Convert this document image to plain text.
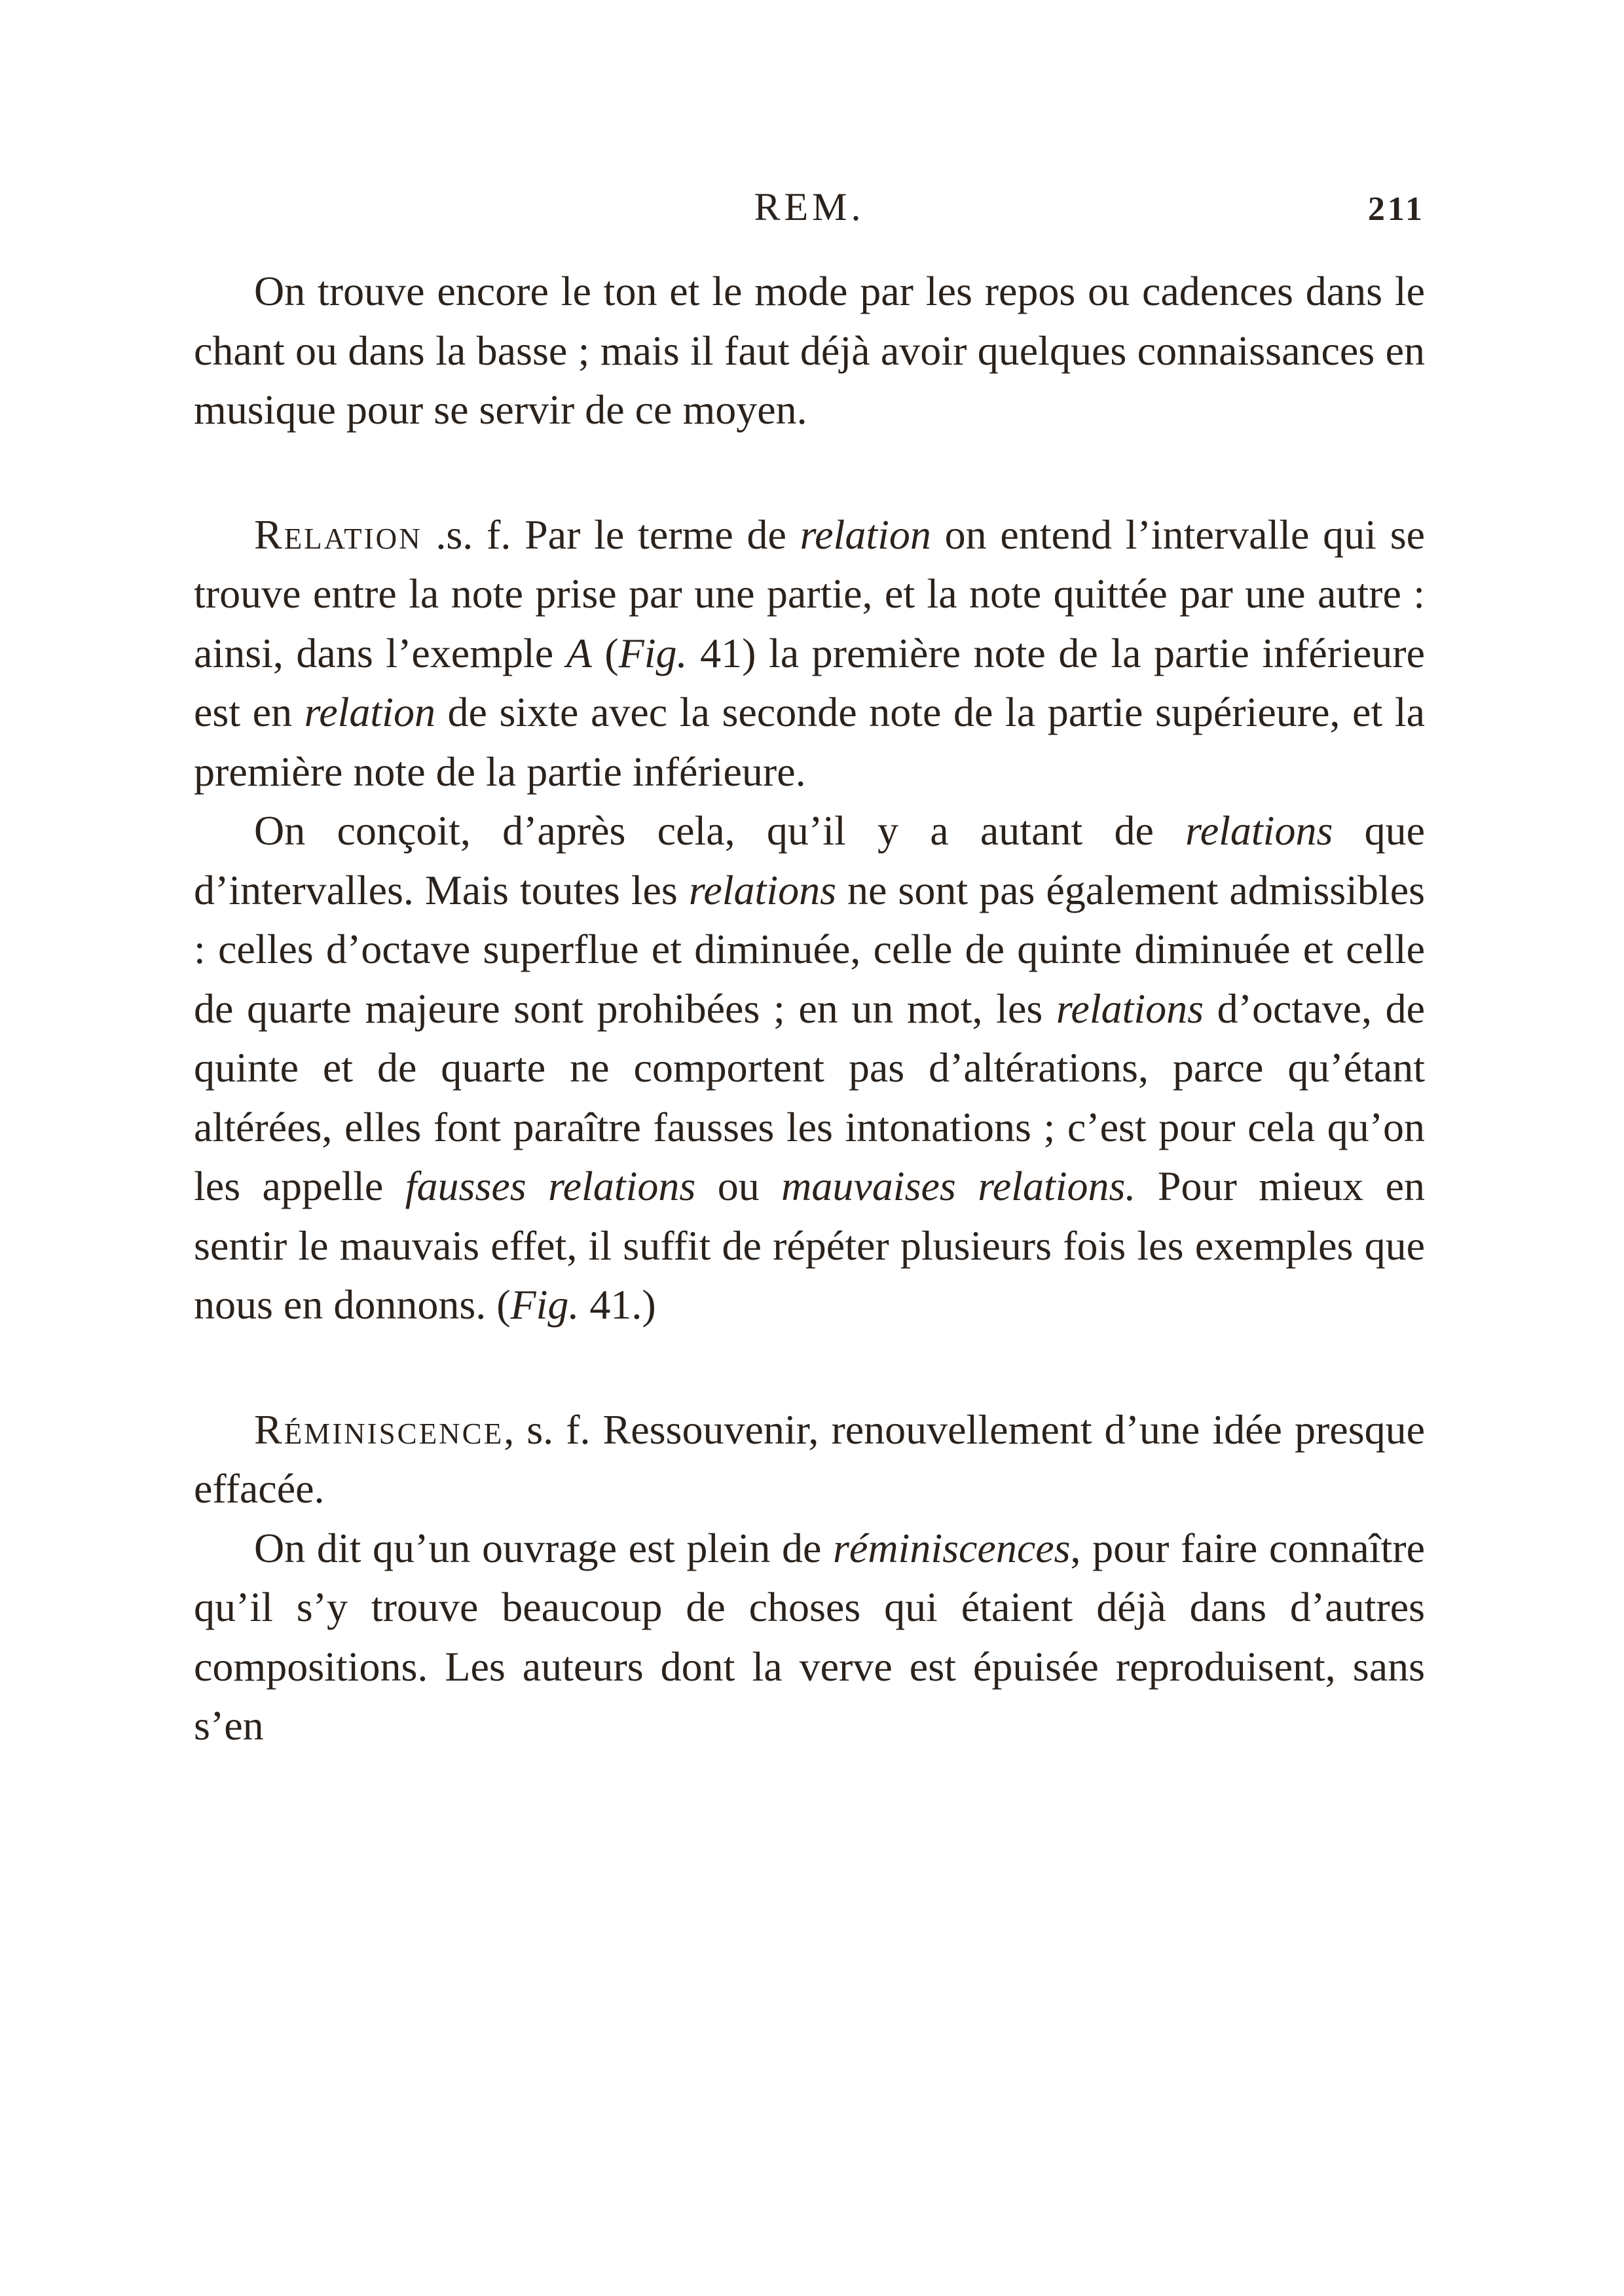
REM.	211

On trouve encore le ton et le mode par les repos ou cadences dans le chant ou dans la basse ; mais il faut déjà avoir quelques connaissances en musique pour se servir de ce moyen.

Relation .s. f. Par le terme de relation on entend l’intervalle qui se trouve entre la note prise par une partie, et la note quittée par une autre : ainsi, dans l’exemple A (Fig. 41) la première note de la partie inférieure est en relation de sixte avec la seconde note de la partie supérieure, et la première note de la partie inférieure.

On conçoit, d’après cela, qu’il y a autant de relations que d’intervalles. Mais toutes les relations ne sont pas également admissibles : celles d’octave superflue et diminuée, celle de quinte diminuée et celle de quarte majeure sont prohibées ; en un mot, les relations d’octave, de quinte et de quarte ne comportent pas d’altérations, parce qu’étant altérées, elles font paraître fausses les intonations ; c’est pour cela qu’on les appelle fausses relations ou mauvaises relations. Pour mieux en sentir le mauvais effet, il suffit de répéter plusieurs fois les exemples que nous en donnons. (Fig. 41.)

Réminiscence, s. f. Ressouvenir, renouvellement d’une idée presque effacée.

On dit qu’un ouvrage est plein de réminiscences, pour faire connaître qu’il s’y trouve beaucoup de choses qui étaient déjà dans d’autres compositions. Les auteurs dont la verve est épuisée reproduisent, sans s’en
